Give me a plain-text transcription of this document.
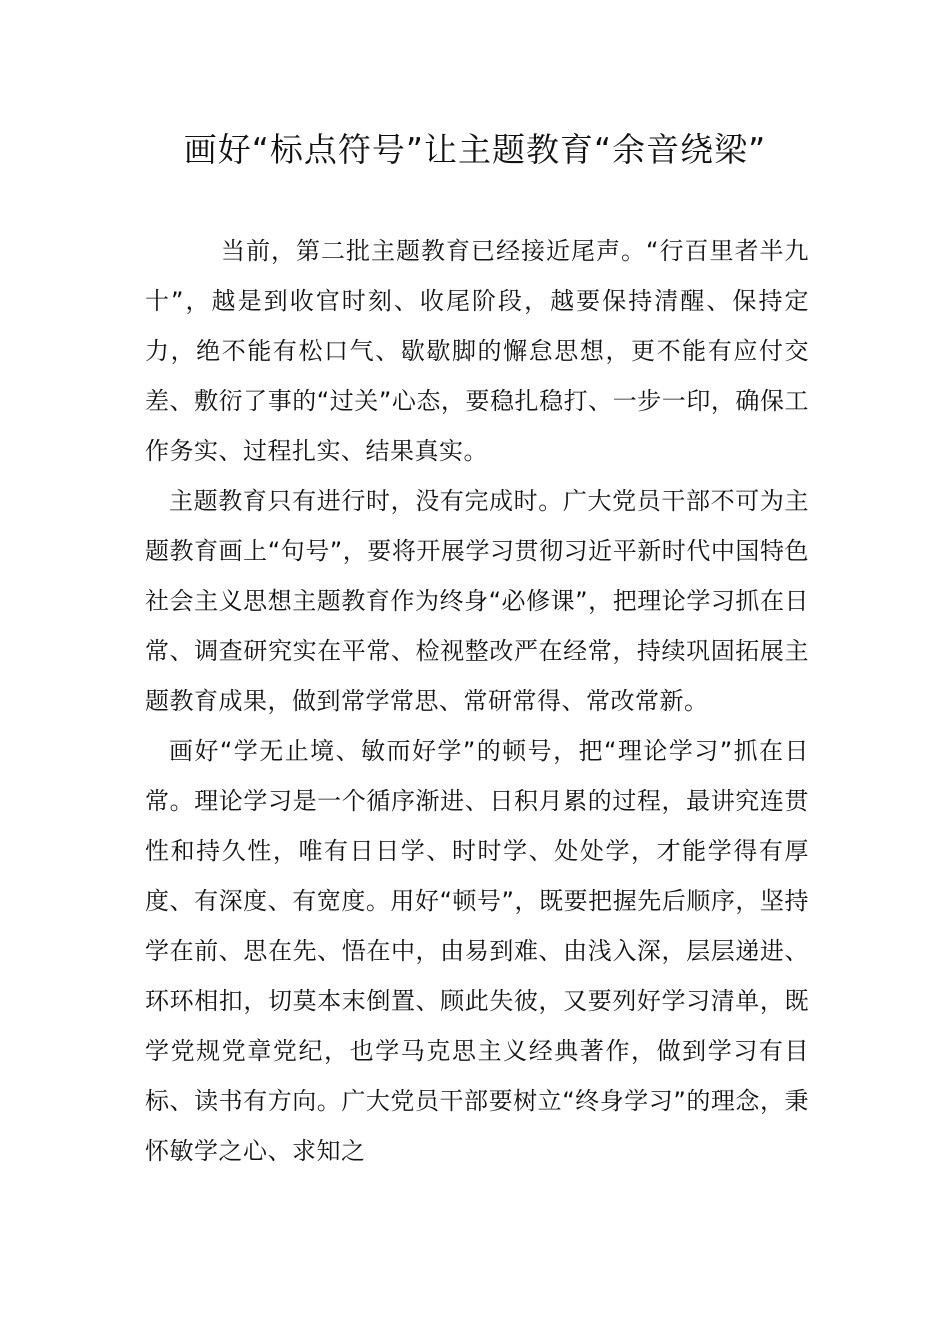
画好“标点符号”让主题教育“余音绕梁”

当前，第二批主题教育已经接近尾声。“行百里者半九十”，越是到收官时刻、收尾阶段，越要保持清醒、保持定力，绝不能有松口气、歇歇脚的懈怠思想，更不能有应付交差、敷衍了事的“过关”心态，要稳扎稳打、一步一印，确保工作务实、过程扎实、结果真实。

主题教育只有进行时，没有完成时。广大党员干部不可为主题教育画上“句号”，要将开展学习贯彻习近平新时代中国特色社会主义思想主题教育作为终身“必修课”，把理论学习抓在日常、调查研究实在平常、检视整改严在经常，持续巩固拓展主题教育成果，做到常学常思、常研常得、常改常新。

画好“学无止境、敏而好学”的顿号，把“理论学习”抓在日常。理论学习是一个循序渐进、日积月累的过程，最讲究连贯性和持久性，唯有日日学、时时学、处处学，才能学得有厚度、有深度、有宽度。用好“顿号”，既要把握先后顺序，坚持学在前、思在先、悟在中，由易到难、由浅入深，层层递进、环环相扣，切莫本末倒置、顾此失彼，又要列好学习清单，既学党规党章党纪，也学马克思主义经典著作，做到学习有目标、读书有方向。广大党员干部要树立“终身学习”的理念，秉怀敏学之心、求知之
